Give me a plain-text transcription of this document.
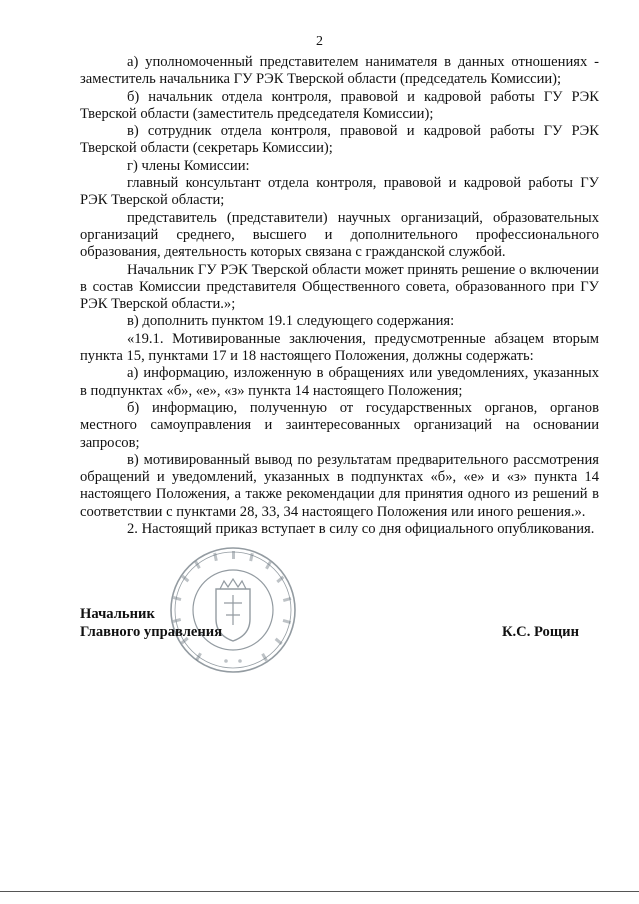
2

а) уполномоченный представителем нанимателя в данных отношениях - заместитель начальника ГУ РЭК Тверской области (председатель Комиссии);

б) начальник отдела контроля, правовой и кадровой работы ГУ РЭК Тверской области (заместитель председателя Комиссии);

в) сотрудник отдела контроля, правовой и кадровой работы ГУ РЭК Тверской области (секретарь Комиссии);

г) члены Комиссии:

главный консультант отдела контроля, правовой и кадровой работы ГУ РЭК Тверской области;

представитель (представители) научных организаций, образовательных организаций среднего, высшего и дополнительного профессионального образования, деятельность которых связана с гражданской службой.

Начальник ГУ РЭК Тверской области может принять решение о включении в состав Комиссии представителя Общественного совета, образованного при ГУ РЭК Тверской области.»;

в) дополнить пунктом 19.1 следующего содержания:

«19.1. Мотивированные заключения, предусмотренные абзацем вторым пункта 15, пунктами 17 и 18 настоящего Положения, должны содержать:

а) информацию, изложенную в обращениях или уведомлениях, указанных в подпунктах «б», «е», «з» пункта 14 настоящего Положения;

б) информацию, полученную от государственных органов, органов местного самоуправления и заинтересованных организаций на основании запросов;

в) мотивированный вывод по результатам предварительного рассмотрения обращений и уведомлений, указанных в подпунктах «б», «е» и «з» пункта 14 настоящего Положения, а также рекомендации для принятия одного из решений в соответствии с пунктами 28, 33, 34 настоящего Положения или иного решения.».

2. Настоящий приказ вступает в силу со дня официального опубликования.

Начальник
Главного управления	К.С. Рощин
